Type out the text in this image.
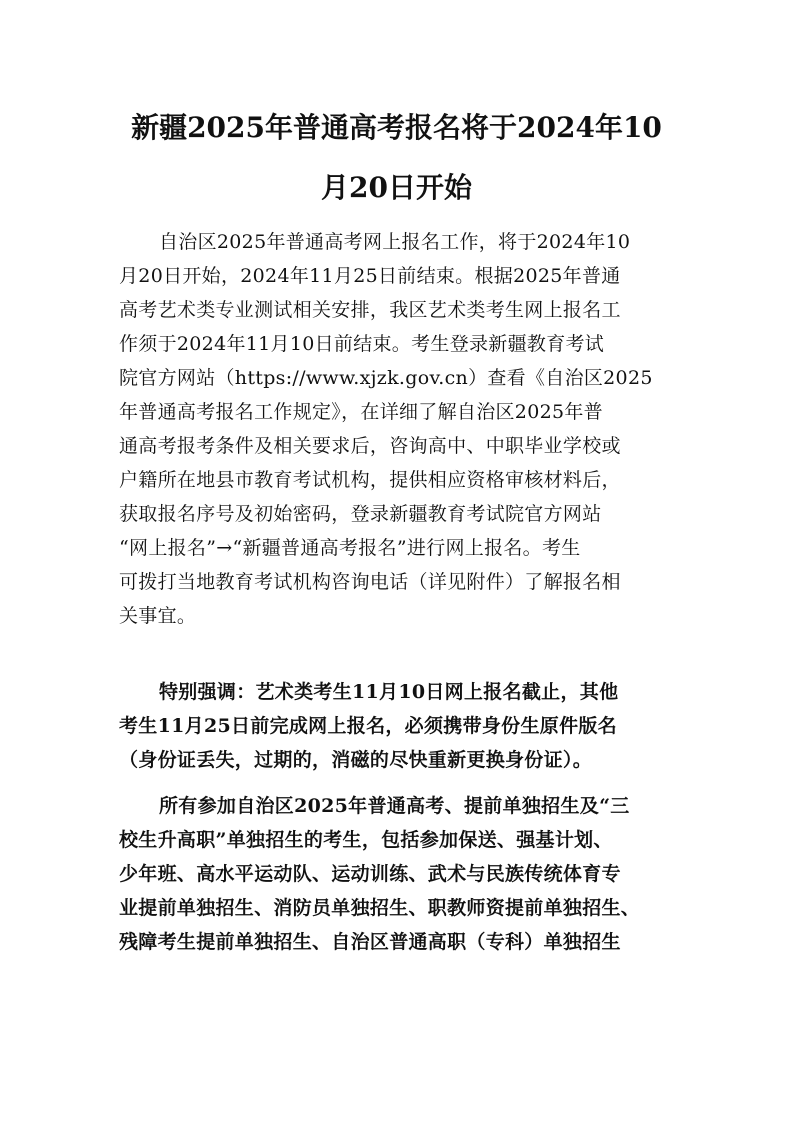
新疆2025年普通高考报名将于2024年10
月20日开始
自治区2025年普通高考网上报名工作，将于2024年10
月20日开始，2024年11月25日前结束。根据2025年普通
高考艺术类专业测试相关安排，我区艺术类考生网上报名工
作须于2024年11月10日前结束。考生登录新疆教育考试
院官方网站（https://www.xjzk.gov.cn）查看《自治区2025
年普通高考报名工作规定》，在详细了解自治区2025年普
通高考报考条件及相关要求后，咨询高中、中职毕业学校或
户籍所在地县市教育考试机构，提供相应资格审核材料后，
获取报名序号及初始密码，登录新疆教育考试院官方网站
“网上报名”→“新疆普通高考报名”进行网上报名。考生
可拨打当地教育考试机构咨询电话（详见附件）了解报名相
关事宜。
特别强调：艺术类考生11月10日网上报名截止，其他
考生11月25日前完成网上报名，必须携带身份生原件版名
（身份证丢失，过期的，消磁的尽快重新更换身份证）。
所有参加自治区2025年普通高考、提前单独招生及“三
校生升高职”单独招生的考生，包括参加保送、强基计划、
少年班、高水平运动队、运动训练、武术与民族传统体育专
业提前单独招生、消防员单独招生、职教师资提前单独招生、
残障考生提前单独招生、自治区普通高职（专科）单独招生
